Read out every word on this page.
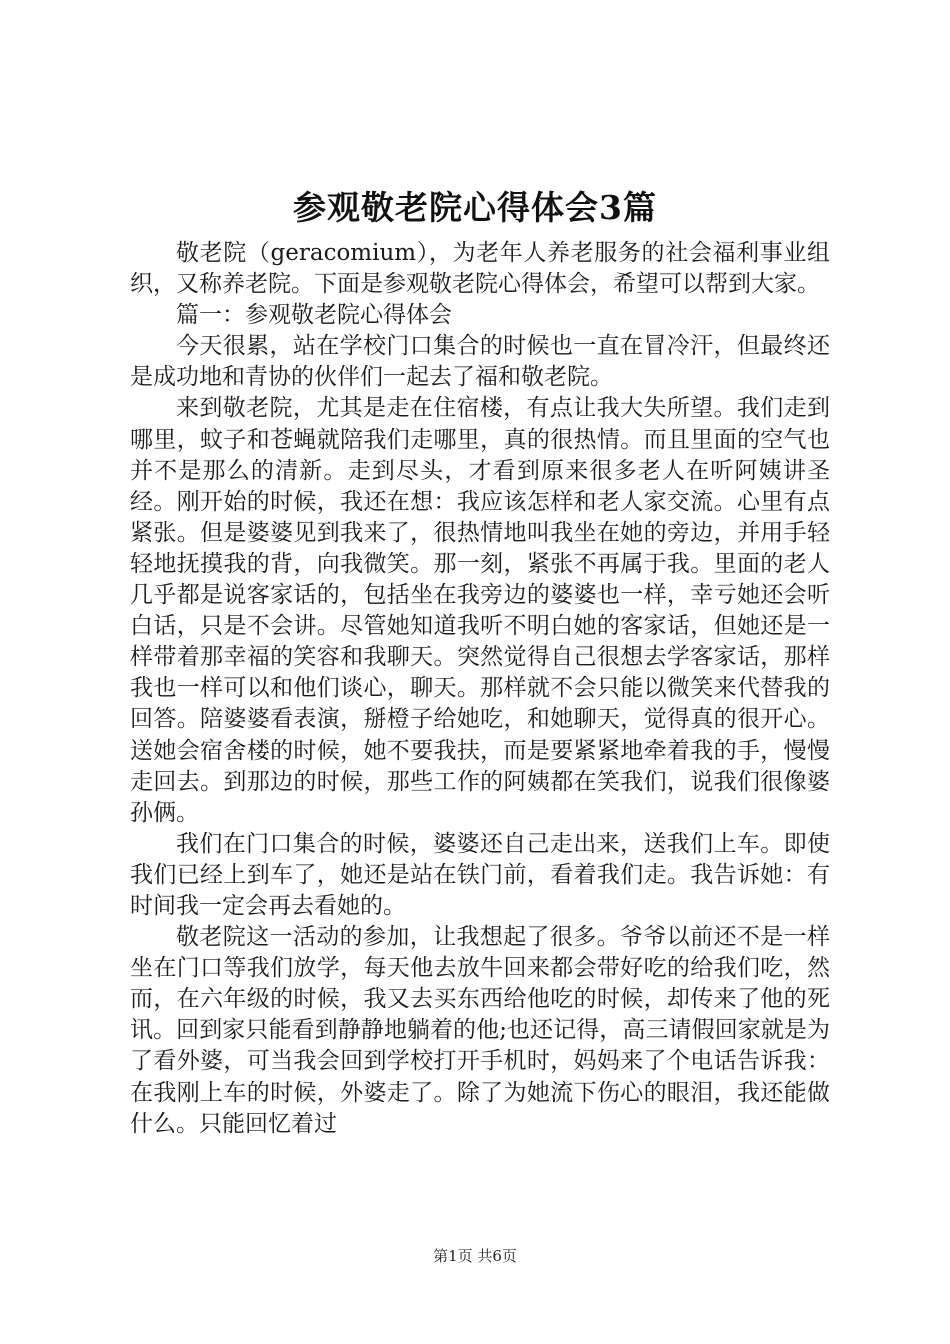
参观敬老院心得体会3篇

敬老院（geracomium），为老年人养老服务的社会福利事业组织，又称养老院。下面是参观敬老院心得体会，希望可以帮到大家。

篇一：参观敬老院心得体会

今天很累，站在学校门口集合的时候也一直在冒冷汗，但最终还是成功地和青协的伙伴们一起去了福和敬老院。

来到敬老院，尤其是走在住宿楼，有点让我大失所望。我们走到哪里，蚊子和苍蝇就陪我们走哪里，真的很热情。而且里面的空气也并不是那么的清新。走到尽头，才看到原来很多老人在听阿姨讲圣经。刚开始的时候，我还在想：我应该怎样和老人家交流。心里有点紧张。但是婆婆见到我来了，很热情地叫我坐在她的旁边，并用手轻轻地抚摸我的背，向我微笑。那一刻，紧张不再属于我。里面的老人几乎都是说客家话的，包括坐在我旁边的婆婆也一样，幸亏她还会听白话，只是不会讲。尽管她知道我听不明白她的客家话，但她还是一样带着那幸福的笑容和我聊天。突然觉得自己很想去学客家话，那样我也一样可以和他们谈心，聊天。那样就不会只能以微笑来代替我的回答。陪婆婆看表演，掰橙子给她吃，和她聊天，觉得真的很开心。送她会宿舍楼的时候，她不要我扶，而是要紧紧地牵着我的手，慢慢走回去。到那边的时候，那些工作的阿姨都在笑我们，说我们很像婆孙俩。

我们在门口集合的时候，婆婆还自己走出来，送我们上车。即使我们已经上到车了，她还是站在铁门前，看着我们走。我告诉她：有时间我一定会再去看她的。

敬老院这一活动的参加，让我想起了很多。爷爷以前还不是一样坐在门口等我们放学，每天他去放牛回来都会带好吃的给我们吃，然而，在六年级的时候，我又去买东西给他吃的时候，却传来了他的死讯。回到家只能看到静静地躺着的他;也还记得，高三请假回家就是为了看外婆，可当我会回到学校打开手机时，妈妈来了个电话告诉我：在我刚上车的时候，外婆走了。除了为她流下伤心的眼泪，我还能做什么。只能回忆着过

第1页 共6页
